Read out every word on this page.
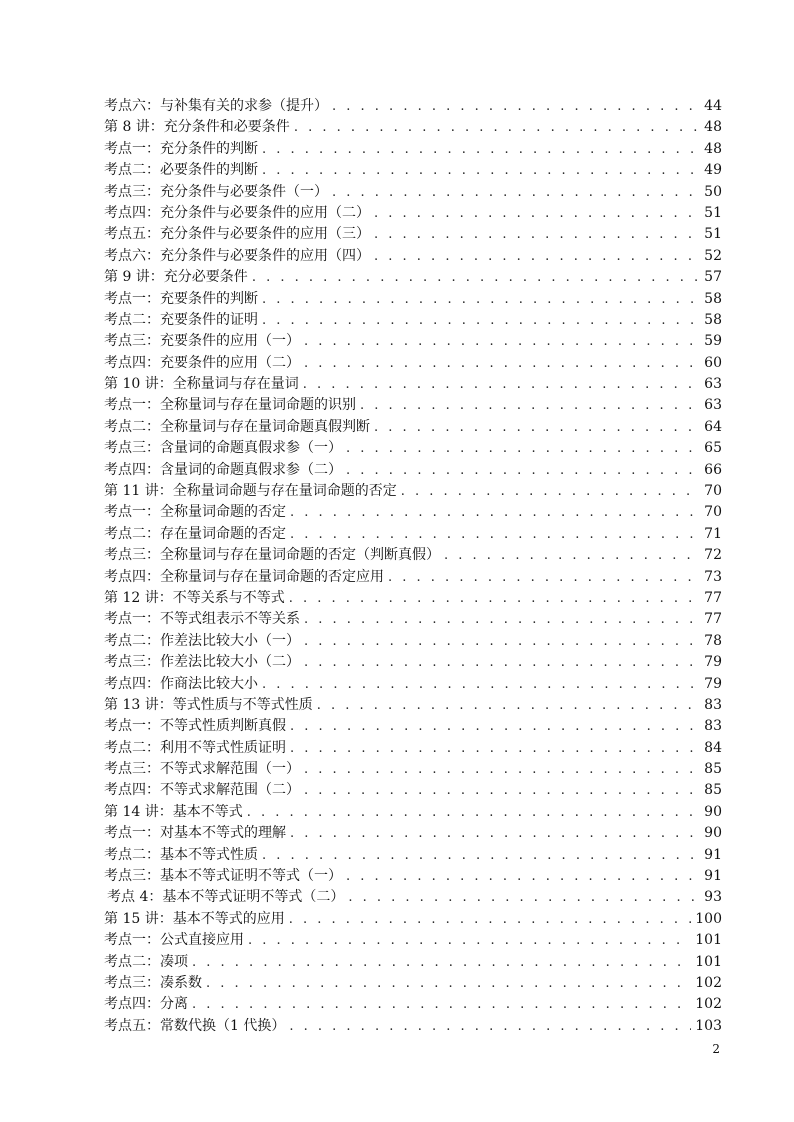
考点六：与补集有关的求参（提升） . . .	44
第 8 讲：充分条件和必要条件 . . .	48
考点一：充分条件的判断 . . .	48
考点二：必要条件的判断 . . .	49
考点三：充分条件与必要条件（一） . . .	50
考点四：充分条件与必要条件的应用（二） . . .	51
考点五：充分条件与必要条件的应用（三） . . .	51
考点六：充分条件与必要条件的应用（四） . . .	52
第 9 讲：充分必要条件 . . .	57
考点一：充要条件的判断 . . .	58
考点二：充要条件的证明 . . .	58
考点三：充要条件的应用（一） . . .	59
考点四：充要条件的应用（二） . . .	60
第 10 讲：全称量词与存在量词 . . .	63
考点一：全称量词与存在量词命题的识别 . . .	63
考点二：全称量词与存在量词命题真假判断 . . .	64
考点三：含量词的命题真假求参（一） . . .	65
考点四：含量词的命题真假求参（二） . . .	66
第 11 讲：全称量词命题与存在量词命题的否定 . . .	70
考点一：全称量词命题的否定 . . .	70
考点二：存在量词命题的否定 . . .	71
考点三：全称量词与存在量词命题的否定（判断真假） . . .	72
考点四：全称量词与存在量词命题的否定应用 . . .	73
第 12 讲：不等关系与不等式 . . .	77
考点一：不等式组表示不等关系 . . .	77
考点二：作差法比较大小（一） . . .	78
考点三：作差法比较大小（二） . . .	79
考点四：作商法比较大小 . . .	79
第 13 讲：等式性质与不等式性质 . . .	83
考点一：不等式性质判断真假 . . .	83
考点二：利用不等式性质证明 . . .	84
考点三：不等式求解范围（一） . . .	85
考点四：不等式求解范围（二） . . .	85
第 14 讲：基本不等式 . . .	90
考点一：对基本不等式的理解 . . .	90
考点二：基本不等式性质 . . .	91
考点三：基本不等式证明不等式（一） . . .	91
考点 4：基本不等式证明不等式（二） . . .	93
第 15 讲：基本不等式的应用 . . .	100
考点一：公式直接应用 . . .	101
考点二：凑项 . . .	101
考点三：凑系数 . . .	102
考点四：分离 . . .	102
考点五：常数代换（1 代换） . . .	103
2
